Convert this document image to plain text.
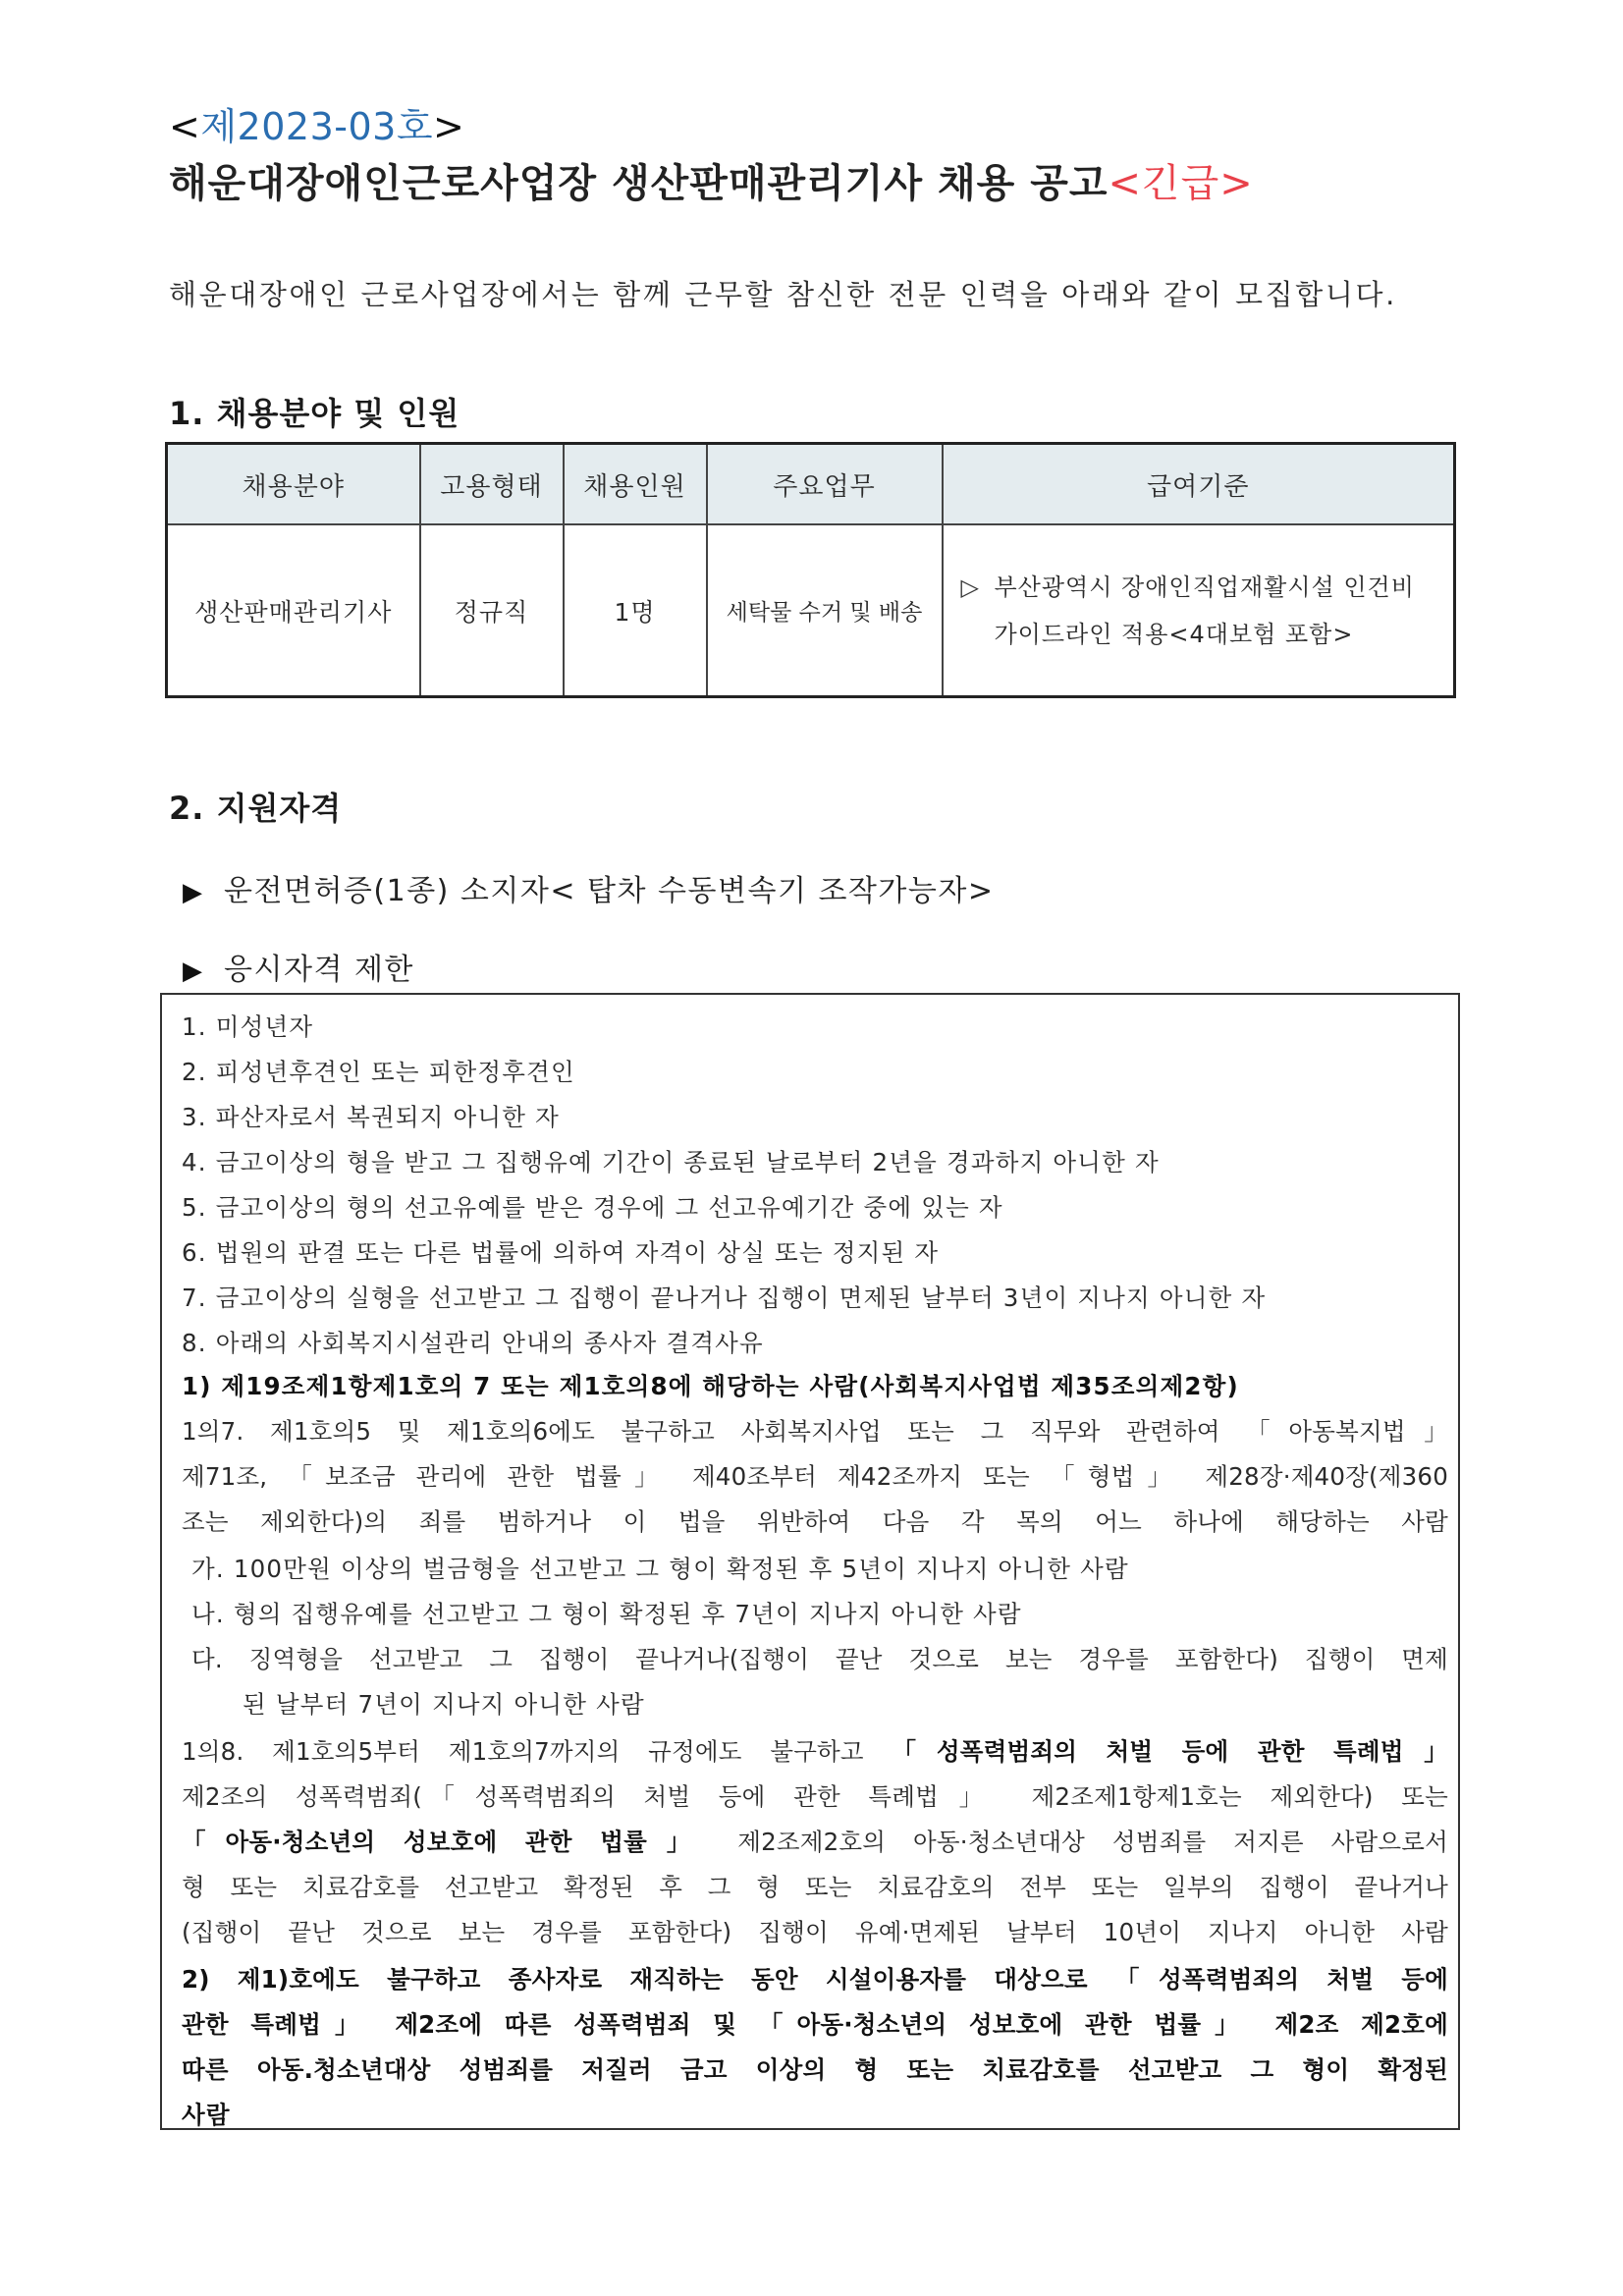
<제2023-03호>
해운대장애인근로사업장 생산판매관리기사 채용 공고<긴급>
해운대장애인 근로사업장에서는 함께 근무할 참신한 전문 인력을 아래와 같이 모집합니다.
1. 채용분야 및 인원
채용분야	고용형태	채용인원	주요업무	급여기준
생산판매관리기사	정규직	1명	세탁물 수거 및 배송	▷ 부산광역시 장애인직업재활시설 인건비
가이드라인 적용<4대보험 포함>
2. 지원자격
▶ 운전면허증(1종) 소지자< 탑차 수동변속기 조작가능자>
▶ 응시자격 제한
1. 미성년자
2. 피성년후견인 또는 피한정후견인
3. 파산자로서 복권되지 아니한 자
4. 금고이상의 형을 받고 그 집행유예 기간이 종료된 날로부터 2년을 경과하지 아니한 자
5. 금고이상의 형의 선고유예를 받은 경우에 그 선고유예기간 중에 있는 자
6. 법원의 판결 또는 다른 법률에 의하여 자격이 상실 또는 정지된 자
7. 금고이상의 실형을 선고받고 그 집행이 끝나거나 집행이 면제된 날부터 3년이 지나지 아니한 자
8. 아래의 사회복지시설관리 안내의 종사자 결격사유
1) 제19조제1항제1호의 7 또는 제1호의8에 해당하는 사람(사회복지사업법 제35조의제2항)
1의7. 제1호의5 및 제1호의6에도 불구하고 사회복지사업 또는 그 직무와 관련하여 「아동복지법」
제71조, 「보조금 관리에 관한 법률」 제40조부터 제42조까지 또는 「형법」 제28장·제40장(제360
조는 제외한다)의 죄를 범하거나 이 법을 위반하여 다음 각 목의 어느 하나에 해당하는 사람
가. 100만원 이상의 벌금형을 선고받고 그 형이 확정된 후 5년이 지나지 아니한 사람
나. 형의 집행유예를 선고받고 그 형이 확정된 후 7년이 지나지 아니한 사람
다. 징역형을 선고받고 그 집행이 끝나거나(집행이 끝난 것으로 보는 경우를 포함한다) 집행이 면제
된 날부터 7년이 지나지 아니한 사람
1의8. 제1호의5부터 제1호의7까지의 규정에도 불구하고 「성폭력범죄의 처벌 등에 관한 특례법」
제2조의 성폭력범죄(「성폭력범죄의 처벌 등에 관한 특례법」 제2조제1항제1호는 제외한다) 또는
「아동·청소년의 성보호에 관한 법률」 제2조제2호의 아동·청소년대상 성범죄를 저지른 사람으로서
형 또는 치료감호를 선고받고 확정된 후 그 형 또는 치료감호의 전부 또는 일부의 집행이 끝나거나
(집행이 끝난 것으로 보는 경우를 포함한다) 집행이 유예·면제된 날부터 10년이 지나지 아니한 사람
2) 제1)호에도 불구하고 종사자로 재직하는 동안 시설이용자를 대상으로 「성폭력범죄의 처벌 등에
관한 특례법」 제2조에 따른 성폭력범죄 및 「아동·청소년의 성보호에 관한 법률」 제2조 제2호에
따른 아동.청소년대상 성범죄를 저질러 금고 이상의 형 또는 치료감호를 선고받고 그 형이 확정된
사람
